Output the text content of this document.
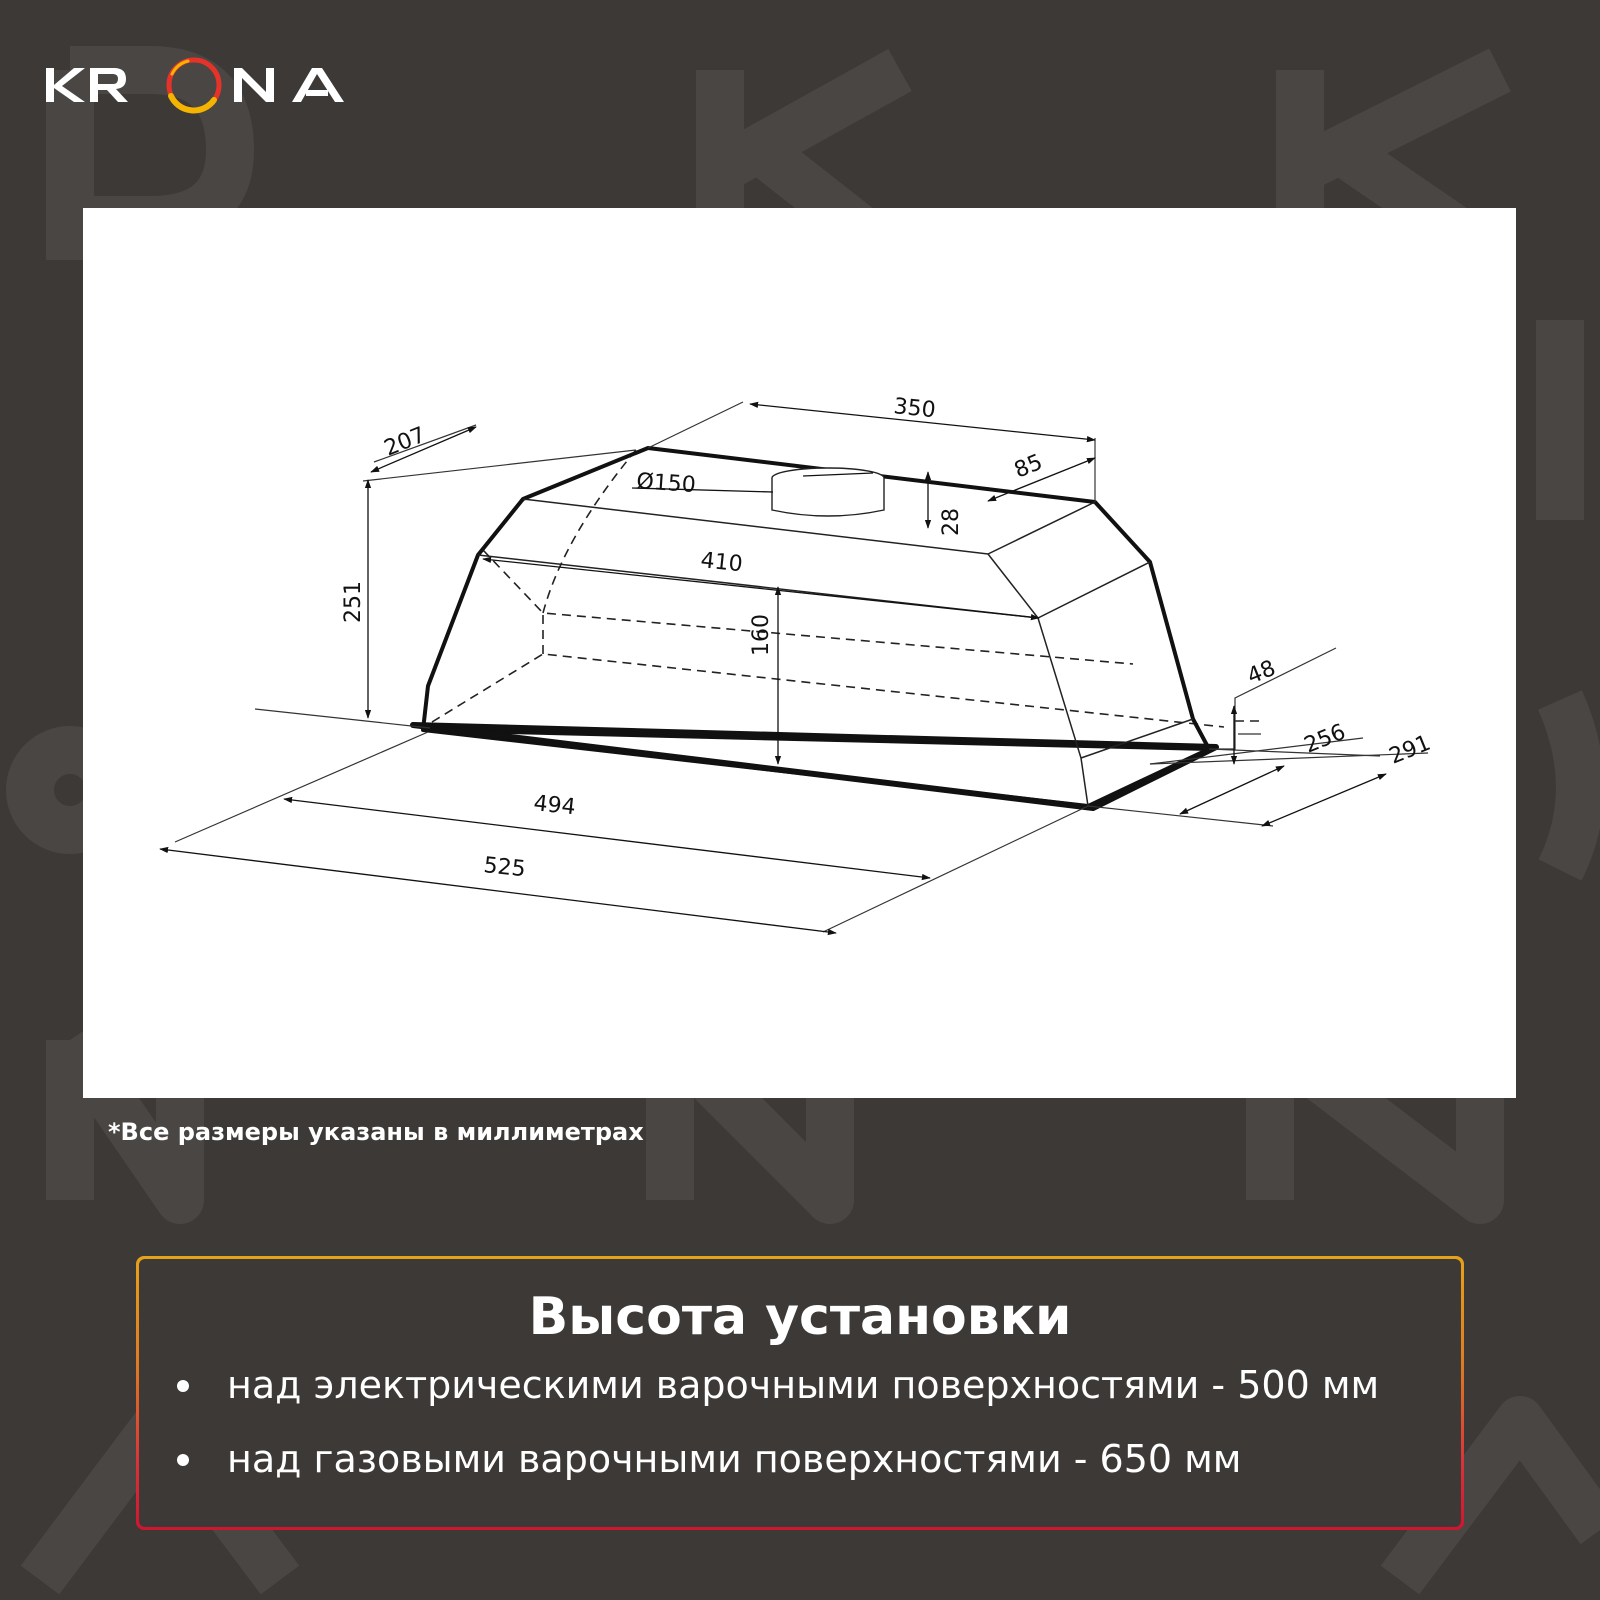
350
207
85
Ø150
28
251
410
160
48
256 291
494
525
*Все размеры указаны в миллиметрах
Высота установки
над электрическими варочными поверхностями - 500 мм
над газовыми варочными поверхностями - 650 мм
